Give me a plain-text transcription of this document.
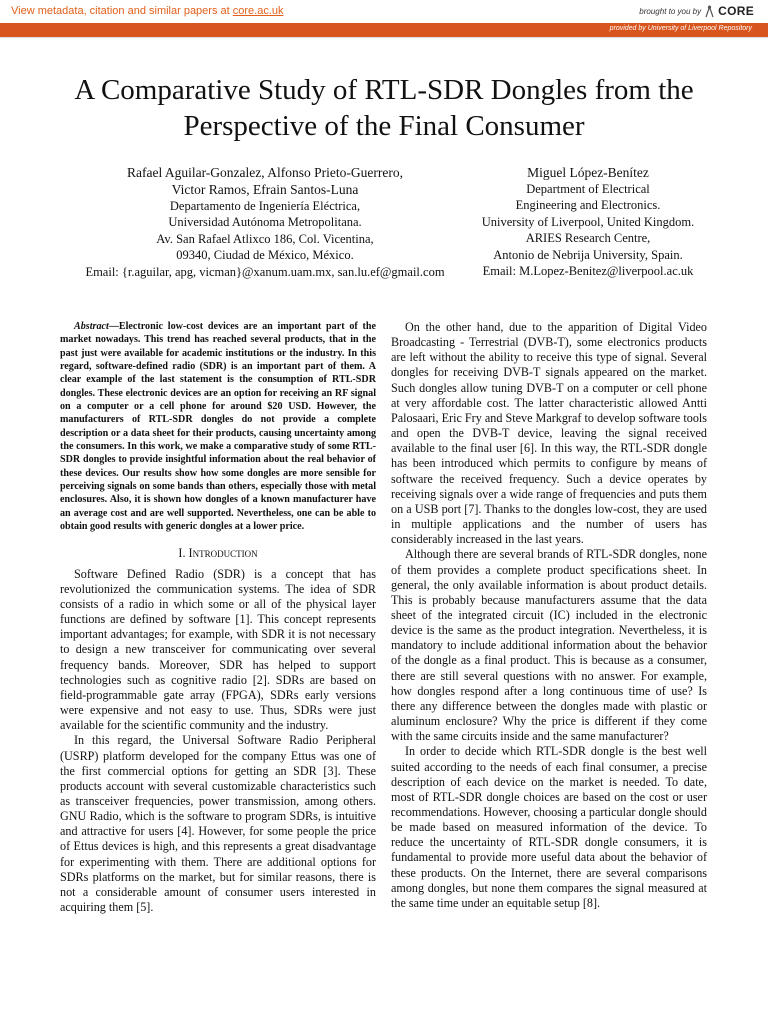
View metadata, citation and similar papers at core.ac.uk	brought to you by CORE
provided by University of Liverpool Repository
A Comparative Study of RTL-SDR Dongles from the Perspective of the Final Consumer
Rafael Aguilar-Gonzalez, Alfonso Prieto-Guerrero,
Victor Ramos, Efrain Santos-Luna
Departamento de Ingeniería Eléctrica,
Universidad Autónoma Metropolitana.
Av. San Rafael Atlixco 186, Col. Vicentina,
09340, Ciudad de México, México.
Email: {r.aguilar, apg, vicman}@xanum.uam.mx, san.lu.ef@gmail.com
Miguel López-Benítez
Department of Electrical
Engineering and Electronics.
University of Liverpool, United Kingdom.
ARIES Research Centre,
Antonio de Nebrija University, Spain.
Email: M.Lopez-Benitez@liverpool.ac.uk

Abstract—Electronic low-cost devices are an important part of the market nowadays. This trend has reached several products, that in the past just were available for academic institutions or the industry. In this regard, software-defined radio (SDR) is an important part of them. A clear example of the last statement is the consumption of RTL-SDR dongles. These electronic devices are an option for receiving an RF signal on a computer or a cell phone for around $20 USD. However, the manufacturers of RTL-SDR dongles do not provide a complete description or a data sheet for their products, causing uncertainty among the consumers. In this work, we make a comparative study of some RTL-SDR dongles to provide insightful information about the real behavior of these devices. Our results show how some dongles are more sensible for perceiving signals on some bands than others, especially those with metal enclosures. Also, it is shown how dongles of a known manufacturer have an average cost and are well supported. Nevertheless, one can be able to obtain good results with generic dongles at a lower price.

I. Introduction

Software Defined Radio (SDR) is a concept that has revolutionized the communication systems. The idea of SDR consists of a radio in which some or all of the physical layer functions are defined by software [1]. This concept represents important advantages; for example, with SDR it is not necessary to design a new transceiver for communicating over several frequency bands. Moreover, SDR has helped to support technologies such as cognitive radio [2]. SDRs are based on field-programmable gate array (FPGA), SDRs early versions were expensive and not easy to use. Thus, SDRs were just available for the scientific community and the industry.

In this regard, the Universal Software Radio Peripheral (USRP) platform developed for the company Ettus was one of the first commercial options for getting an SDR [3]. These products account with several customizable characteristics such as transceiver frequencies, power transmission, among others. GNU Radio, which is the software to program SDRs, is intuitive and attractive for users [4]. However, for some people the price of Ettus devices is high, and this represents a great disadvantage for experimenting with them. There are additional options for SDRs platforms on the market, but for similar reasons, there is not a considerable amount of consumer users interested in acquiring them [5].

On the other hand, due to the apparition of Digital Video Broadcasting - Terrestrial (DVB-T), some electronics products are left without the ability to receive this type of signal. Several dongles for receiving DVB-T signals appeared on the market. Such dongles allow tuning DVB-T on a computer or cell phone at very affordable cost. The latter characteristic allowed Antti Palosaari, Eric Fry and Steve Markgraf to develop software tools and open the DVB-T device, leaving the signal received available to the final user [6]. In this way, the RTL-SDR dongle has been introduced which permits to configure by means of software the received frequency. Such a device operates by receiving signals over a wide range of frequencies and puts them on a USB port [7]. Thanks to the dongles low-cost, they are used in multiple applications and the number of users has considerably increased in the last years.

Although there are several brands of RTL-SDR dongles, none of them provides a complete product specifications sheet. In general, the only available information is about product details. This is probably because manufacturers assume that the data sheet of the integrated circuit (IC) included in the electronic device is the same as the product integration. Nevertheless, it is mandatory to include additional information about the behavior of the dongle as a final product. This is because as a consumer, there are still several questions with no answer. For example, how dongles respond after a long continuous time of use? Is there any difference between the dongles made with plastic or aluminum enclosure? Why the price is different if they come with the same circuits inside and the same manufacturer?

In order to decide which RTL-SDR dongle is the best well suited according to the needs of each final consumer, a precise description of each device on the market is needed. To date, most of RTL-SDR dongle choices are based on the cost or user recommendations. However, choosing a particular dongle should be made based on measured information of the device. To reduce the uncertainty of RTL-SDR dongle consumers, it is fundamental to provide more useful data about the behavior of these products. On the Internet, there are several comparisons among dongles, but none them compares the signal measured at the same time under an equitable setup [8].
